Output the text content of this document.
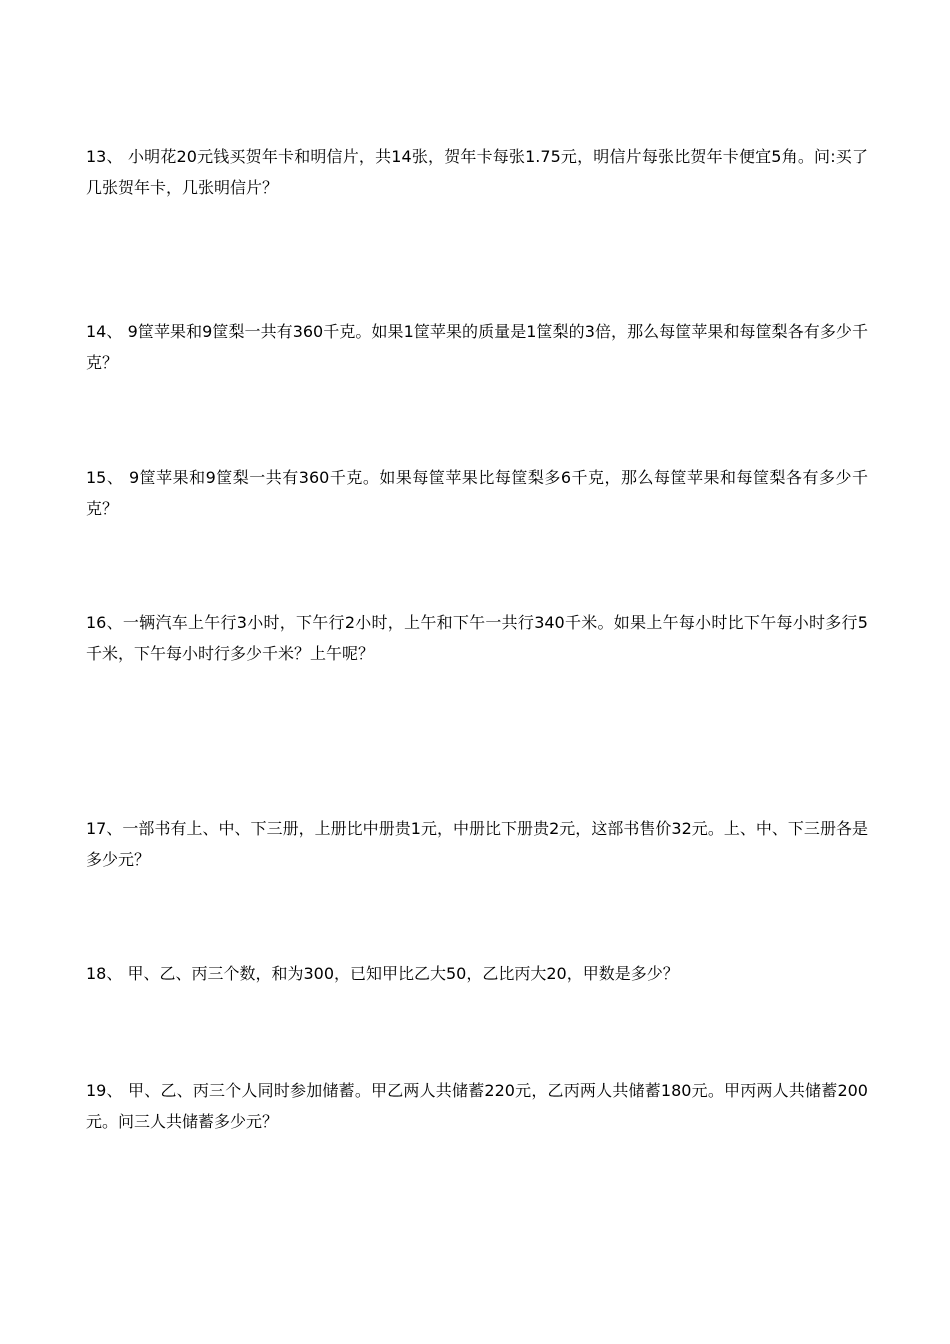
13、 小明花20元钱买贺年卡和明信片，共14张，贺年卡每张1.75元，明信片每张比贺年卡便宜5角。问:买了几张贺年卡，几张明信片？

14、 9筐苹果和9筐梨一共有360千克。如果1筐苹果的质量是1筐梨的3倍，那么每筐苹果和每筐梨各有多少千克？

15、 9筐苹果和9筐梨一共有360千克。如果每筐苹果比每筐梨多6千克，那么每筐苹果和每筐梨各有多少千克？

16、一辆汽车上午行3小时，下午行2小时，上午和下午一共行340千米。如果上午每小时比下午每小时多行5千米，下午每小时行多少千米？上午呢？

17、一部书有上、中、下三册，上册比中册贵1元，中册比下册贵2元，这部书售价32元。上、中、下三册各是多少元？

18、 甲、乙、丙三个数，和为300，已知甲比乙大50，乙比丙大20，甲数是多少？

19、 甲、乙、丙三个人同时参加储蓄。甲乙两人共储蓄220元，乙丙两人共储蓄180元。甲丙两人共储蓄200元。问三人共储蓄多少元？
